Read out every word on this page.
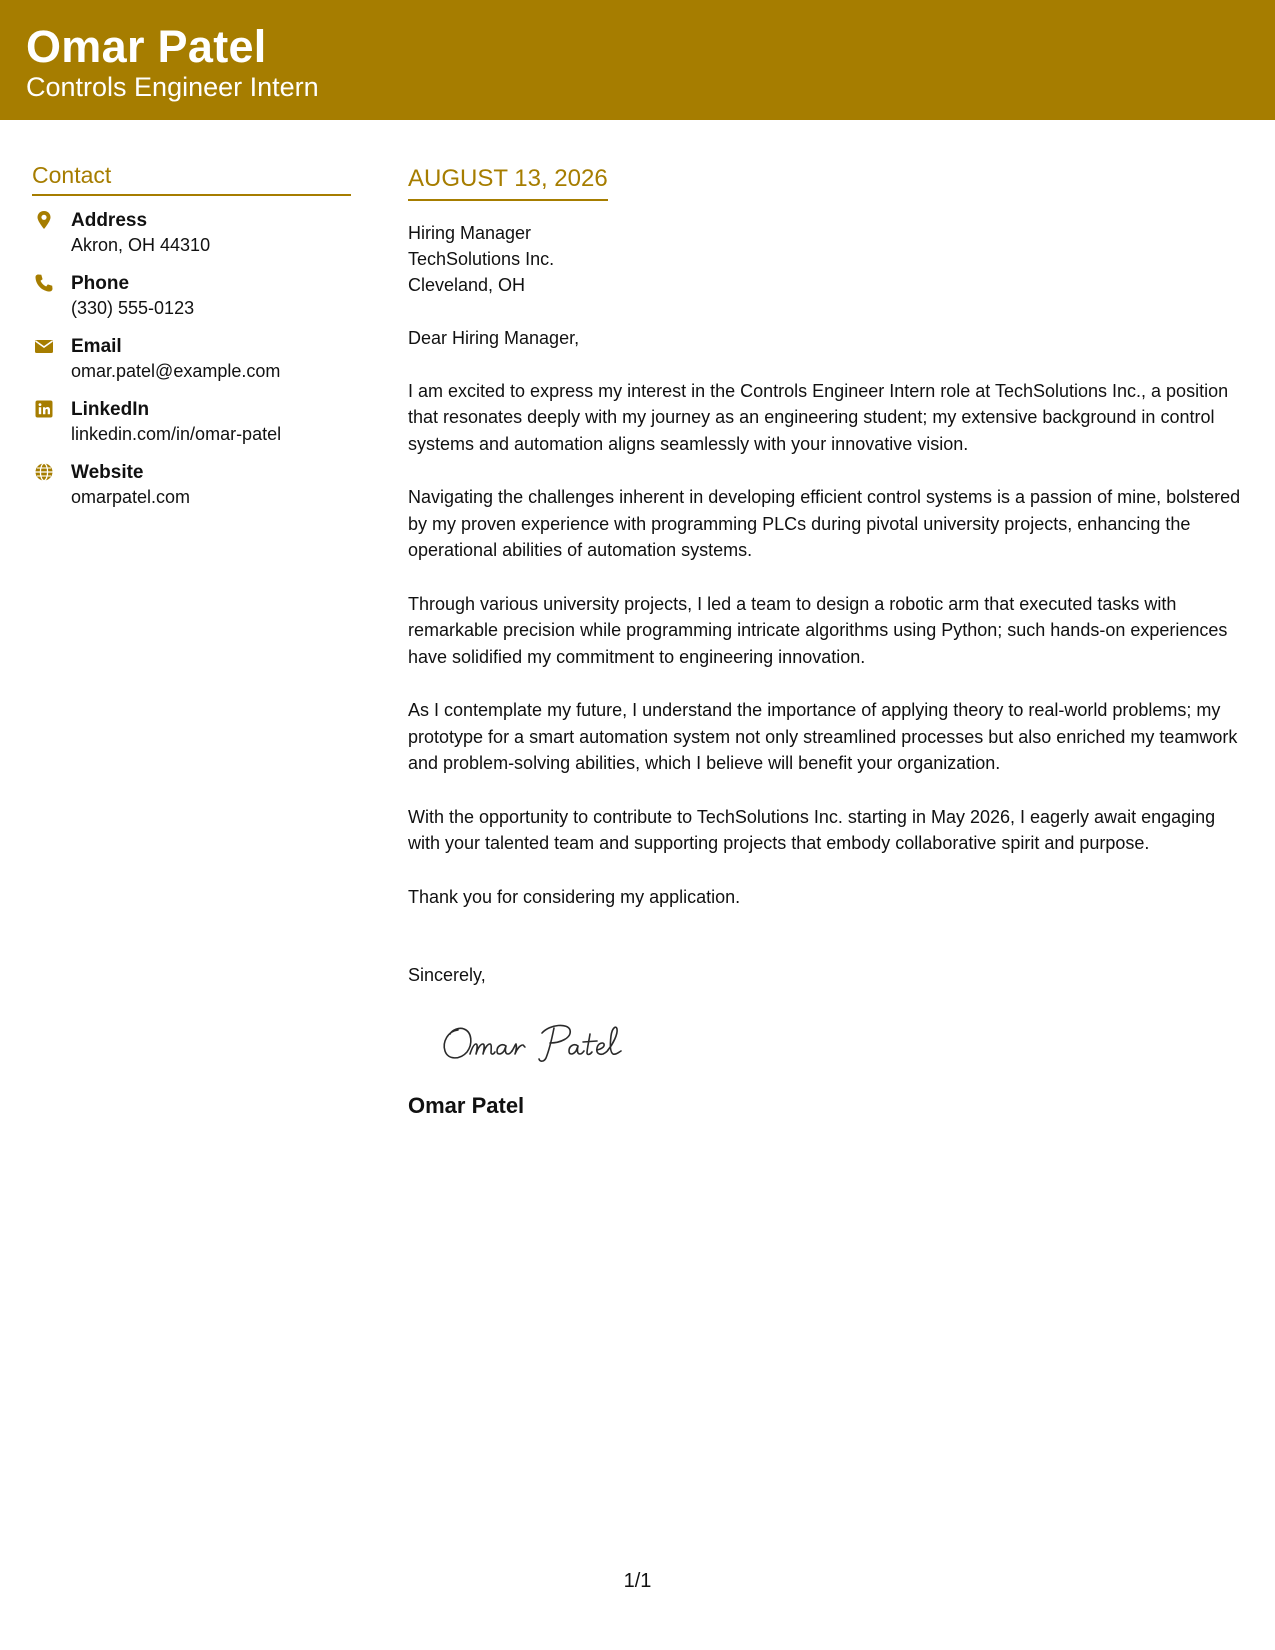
Omar Patel
Controls Engineer Intern
Contact
Address
Akron, OH 44310
Phone
(330) 555-0123
Email
omar.patel@example.com
LinkedIn
linkedin.com/in/omar-patel
Website
omarpatel.com
AUGUST 13, 2026
Hiring Manager
TechSolutions Inc.
Cleveland, OH
Dear Hiring Manager,
I am excited to express my interest in the Controls Engineer Intern role at TechSolutions Inc., a position that resonates deeply with my journey as an engineering student; my extensive background in control systems and automation aligns seamlessly with your innovative vision.
Navigating the challenges inherent in developing efficient control systems is a passion of mine, bolstered by my proven experience with programming PLCs during pivotal university projects, enhancing the operational abilities of automation systems.
Through various university projects, I led a team to design a robotic arm that executed tasks with remarkable precision while programming intricate algorithms using Python; such hands-on experiences have solidified my commitment to engineering innovation.
As I contemplate my future, I understand the importance of applying theory to real-world problems; my prototype for a smart automation system not only streamlined processes but also enriched my teamwork and problem-solving abilities, which I believe will benefit your organization.
With the opportunity to contribute to TechSolutions Inc. starting in May 2026, I eagerly await engaging with your talented team and supporting projects that embody collaborative spirit and purpose.
Thank you for considering my application.
Sincerely,
Omar Patel
1/1
